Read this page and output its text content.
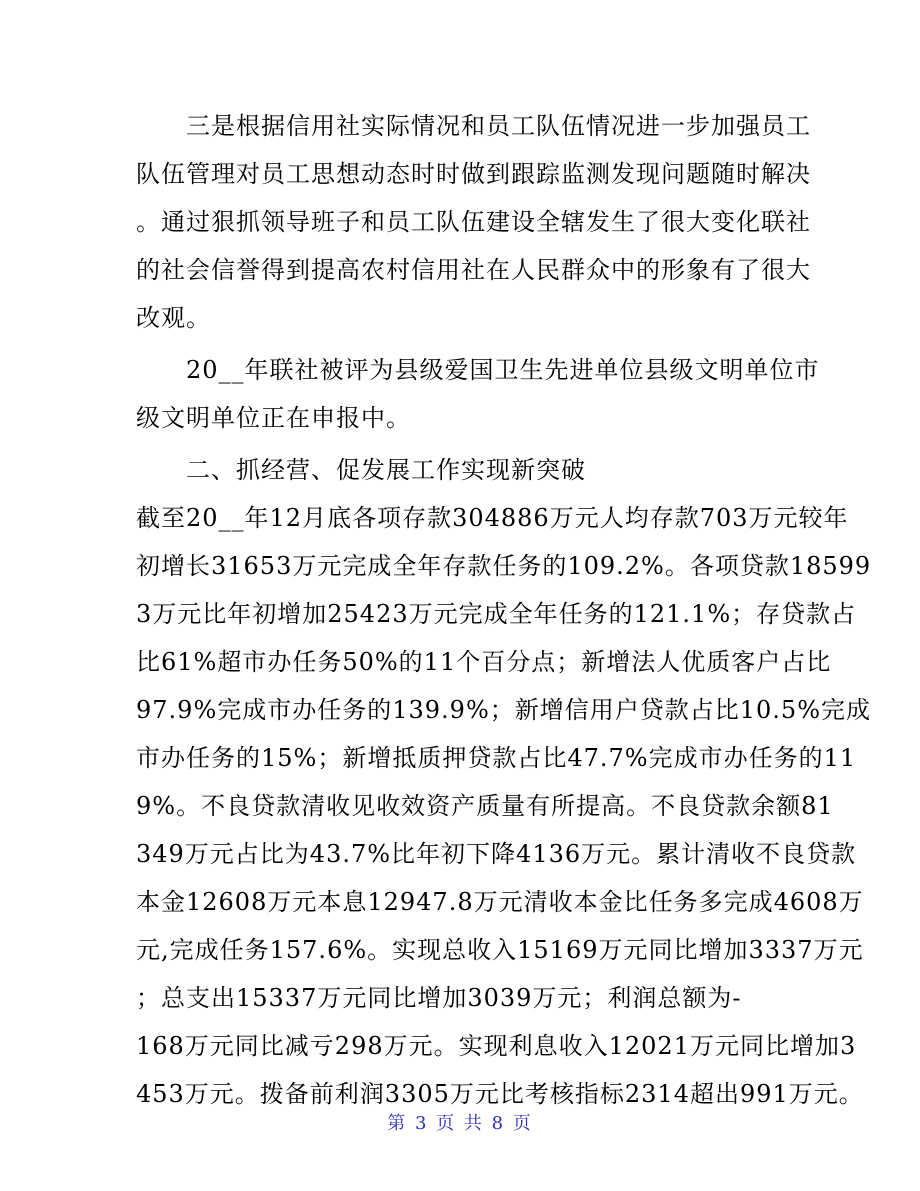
　　三是根据信用社实际情况和员工队伍情况进一步加强员工
队伍管理对员工思想动态时时做到跟踪监测发现问题随时解决
。通过狠抓领导班子和员工队伍建设全辖发生了很大变化联社
的社会信誉得到提高农村信用社在人民群众中的形象有了很大
改观。
　　20__年联社被评为县级爱国卫生先进单位县级文明单位市
级文明单位正在申报中。
　　二、抓经营、促发展工作实现新突破
截至20__年12月底各项存款304886万元人均存款703万元较年
初增长31653万元完成全年存款任务的109.2%。各项贷款18599
3万元比年初增加25423万元完成全年任务的121.1%；存贷款占
比61%超市办任务50%的11个百分点；新增法人优质客户占比
97.9%完成市办任务的139.9%；新增信用户贷款占比10.5%完成
市办任务的15%；新增抵质押贷款占比47.7%完成市办任务的11
9%。不良贷款清收见收效资产质量有所提高。不良贷款余额81
349万元占比为43.7%比年初下降4136万元。累计清收不良贷款
本金12608万元本息12947.8万元清收本金比任务多完成4608万
元,完成任务157.6%。实现总收入15169万元同比增加3337万元
；总支出15337万元同比增加3039万元；利润总额为-
168万元同比减亏298万元。实现利息收入12021万元同比增加3
453万元。拨备前利润3305万元比考核指标2314超出991万元。
第 3 页 共 8 页
